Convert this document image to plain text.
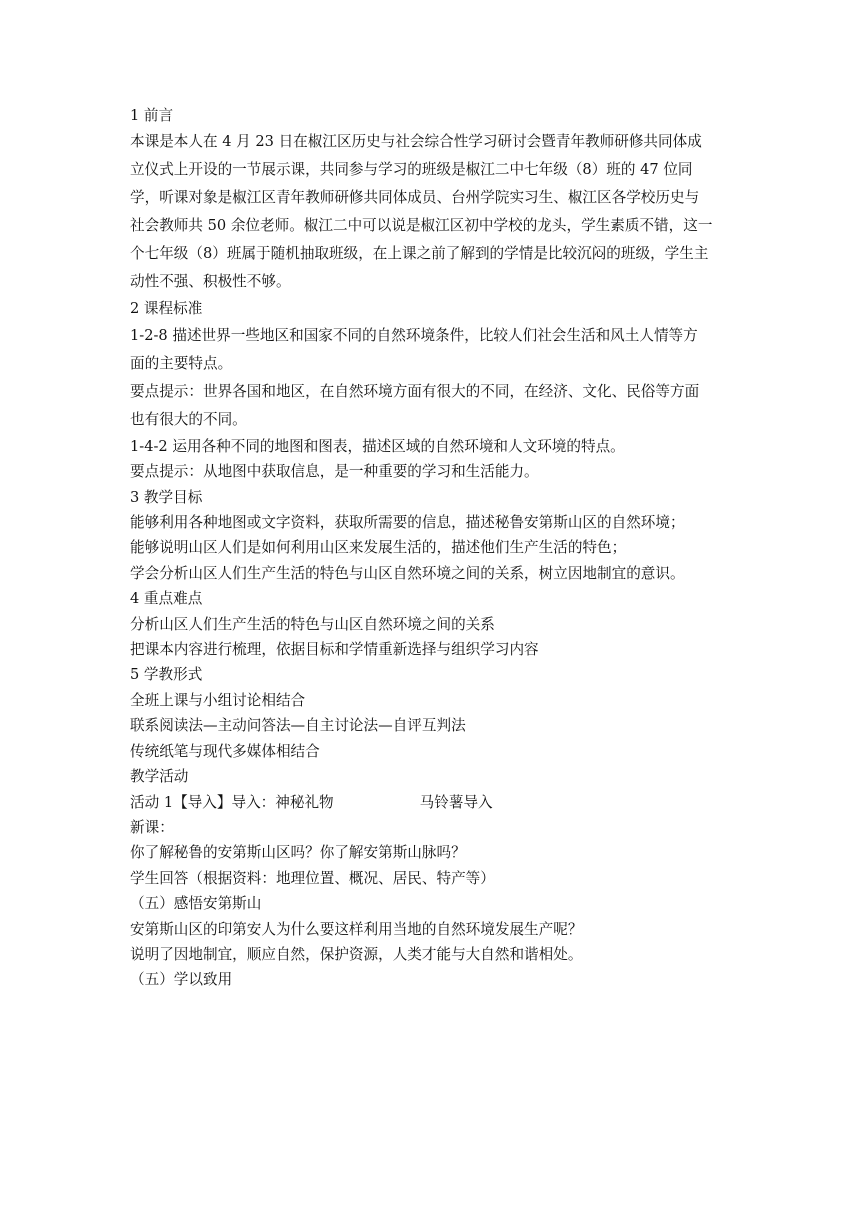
1 前言
本课是本人在 4 月 23 日在椒江区历史与社会综合性学习研讨会暨青年教师研修共同体成
立仪式上开设的一节展示课，共同参与学习的班级是椒江二中七年级（8）班的 47 位同
学，听课对象是椒江区青年教师研修共同体成员、台州学院实习生、椒江区各学校历史与
社会教师共 50 余位老师。椒江二中可以说是椒江区初中学校的龙头，学生素质不错，这一
个七年级（8）班属于随机抽取班级，在上课之前了解到的学情是比较沉闷的班级，学生主
动性不强、积极性不够。
2 课程标准
1-2-8 描述世界一些地区和国家不同的自然环境条件，比较人们社会生活和风土人情等方
面的主要特点。
要点提示：世界各国和地区，在自然环境方面有很大的不同，在经济、文化、民俗等方面
也有很大的不同。
1-4-2 运用各种不同的地图和图表，描述区域的自然环境和人文环境的特点。
要点提示：从地图中获取信息，是一种重要的学习和生活能力。
3 教学目标
能够利用各种地图或文字资料，获取所需要的信息，描述秘鲁安第斯山区的自然环境；
能够说明山区人们是如何利用山区来发展生活的，描述他们生产生活的特色；
学会分析山区人们生产生活的特色与山区自然环境之间的关系，树立因地制宜的意识。
4 重点难点
分析山区人们生产生活的特色与山区自然环境之间的关系
把课本内容进行梳理，依据目标和学情重新选择与组织学习内容
5 学教形式
全班上课与小组讨论相结合
联系阅读法—主动问答法—自主讨论法—自评互判法
传统纸笔与现代多媒体相结合
教学活动
活动 1【导入】导入：神秘礼物	马铃薯导入
新课：
你了解秘鲁的安第斯山区吗？你了解安第斯山脉吗？
学生回答（根据资料：地理位置、概况、居民、特产等）
（五）感悟安第斯山
安第斯山区的印第安人为什么要这样利用当地的自然环境发展生产呢？
说明了因地制宜，顺应自然，保护资源，人类才能与大自然和谐相处。
（五）学以致用
